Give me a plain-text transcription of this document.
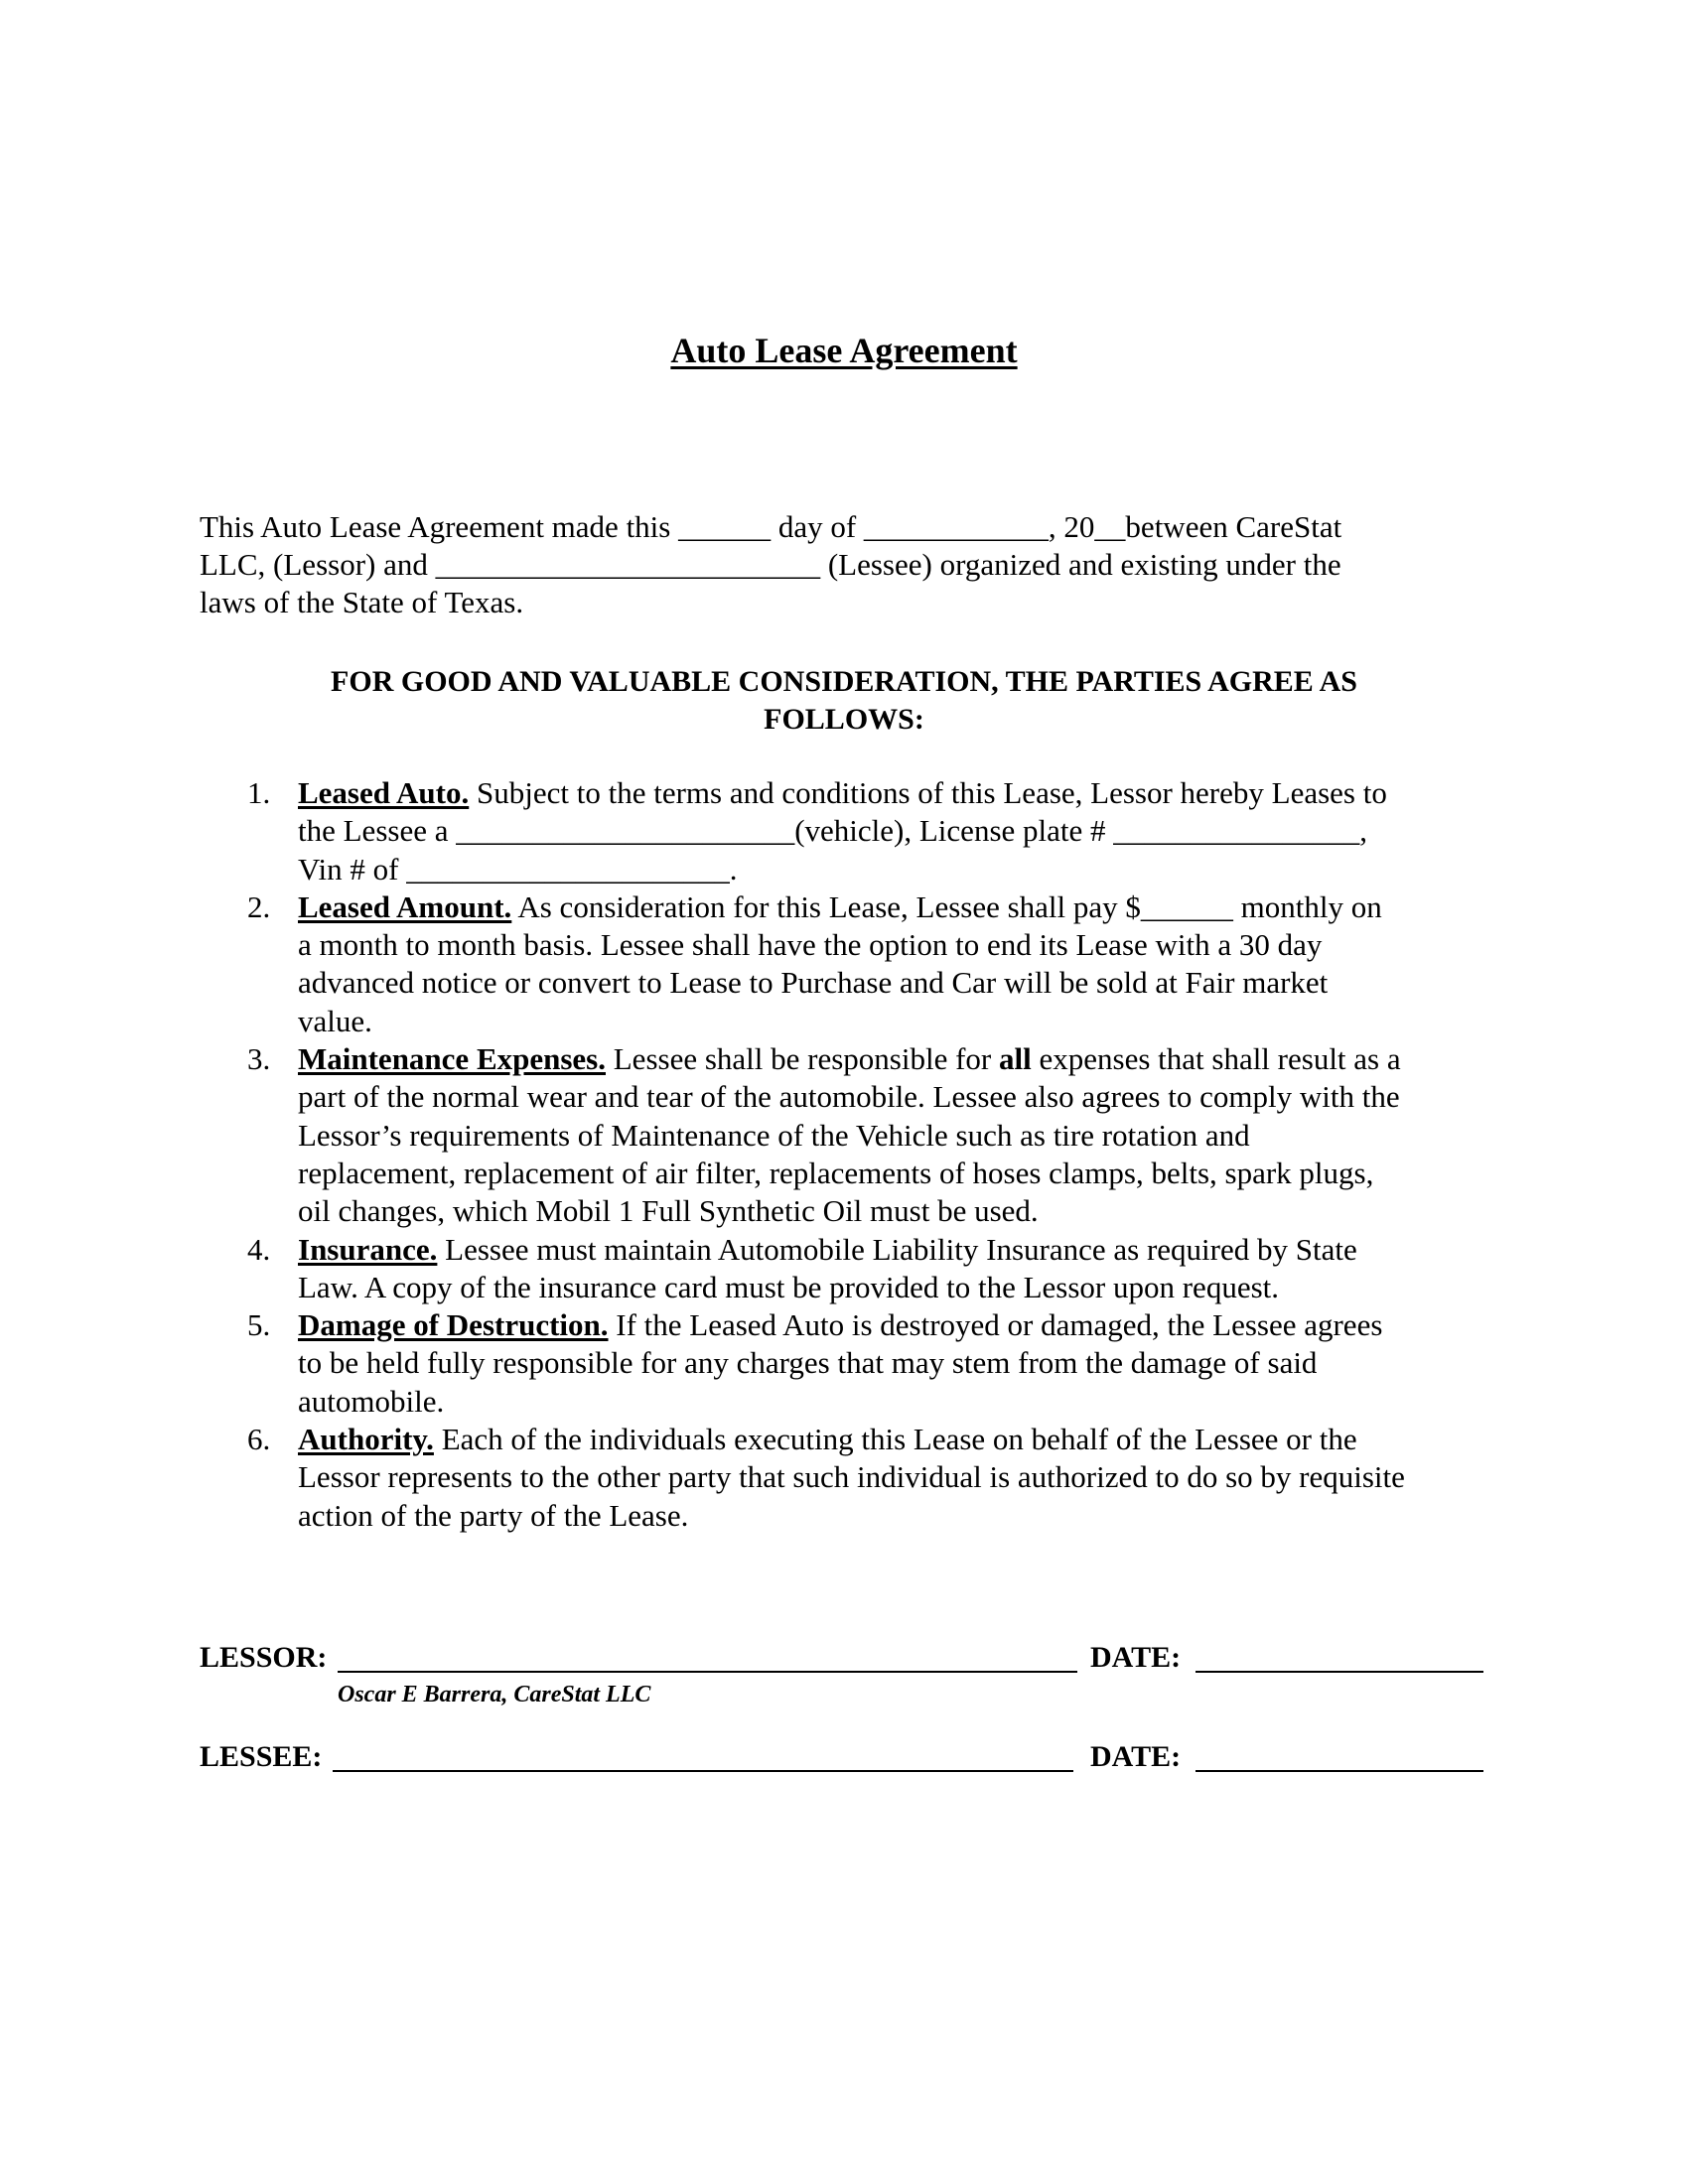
Auto Lease Agreement
This Auto Lease Agreement made this ______ day of ____________, 20__between CareStat
LLC, (Lessor) and _________________________ (Lessee) organized and existing under the
laws of the State of Texas.
FOR GOOD AND VALUABLE CONSIDERATION, THE PARTIES AGREE AS
FOLLOWS:
1. Leased Auto. Subject to the terms and conditions of this Lease, Lessor hereby Leases to
the Lessee a ______________________(vehicle), License plate # ________________,
Vin # of _____________________.
2. Leased Amount. As consideration for this Lease, Lessee shall pay $______ monthly on
a month to month basis. Lessee shall have the option to end its Lease with a 30 day
advanced notice or convert to Lease to Purchase and Car will be sold at Fair market
value.
3. Maintenance Expenses. Lessee shall be responsible for all expenses that shall result as a
part of the normal wear and tear of the automobile. Lessee also agrees to comply with the
Lessor’s requirements of Maintenance of the Vehicle such as tire rotation and
replacement, replacement of air filter, replacements of hoses clamps, belts, spark plugs,
oil changes, which Mobil 1 Full Synthetic Oil must be used.
4. Insurance. Lessee must maintain Automobile Liability Insurance as required by State
Law. A copy of the insurance card must be provided to the Lessor upon request.
5. Damage of Destruction. If the Leased Auto is destroyed or damaged, the Lessee agrees
to be held fully responsible for any charges that may stem from the damage of said
automobile.
6. Authority. Each of the individuals executing this Lease on behalf of the Lessee or the
Lessor represents to the other party that such individual is authorized to do so by requisite
action of the party of the Lease.
LESSOR:	DATE:
Oscar E Barrera, CareStat LLC
LESSEE:	DATE:
